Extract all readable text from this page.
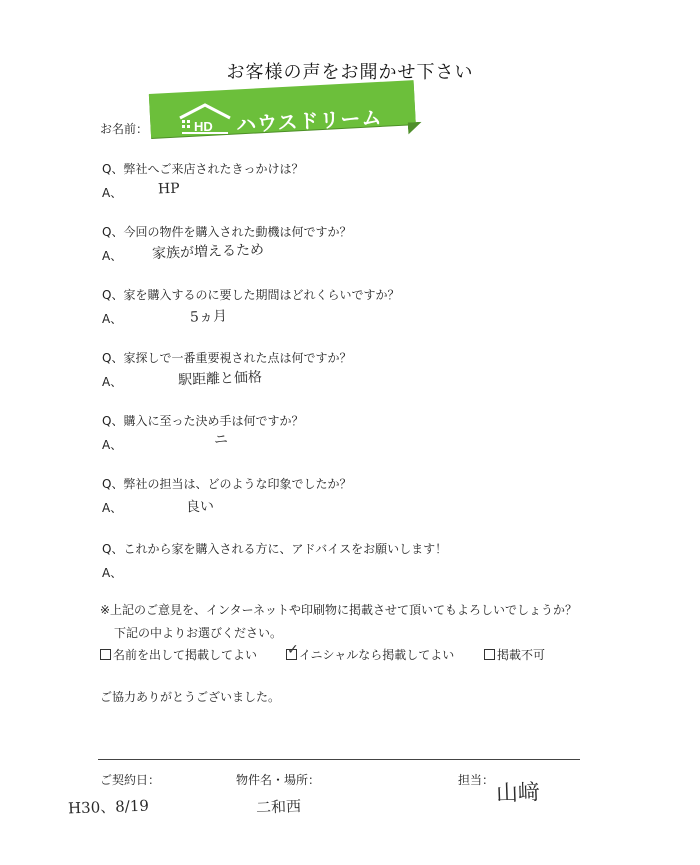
お客様の声をお聞かせ下さい
お名前：	HD ハウスドリーム
Q、弊社へご来店されたきっかけは？
A、	HP
Q、今回の物件を購入された動機は何ですか？
A、 家族が増えるため
Q、家を購入するのに要した期間はどれくらいですか？
A、	5ヵ月
Q、家探しで一番重要視された点は何ですか？
A、	駅距離と価格
Q、購入に至った決め手は何ですか？
A、	ニ
Q、弊社の担当は、どのような印象でしたか？
A、	良い
Q、これから家を購入される方に、アドバイスをお願いします！
A、
※上記のご意見を、インターネットや印刷物に掲載させて頂いてもよろしいでしょうか？
下記の中よりお選びください。
名前を出して掲載してよい ✓ イニシャルなら掲載してよい	掲載不可
ご協力ありがとうございました。
ご契約日：	物件名・場所：	担当：
H30、8/19	二和西
山﨑
